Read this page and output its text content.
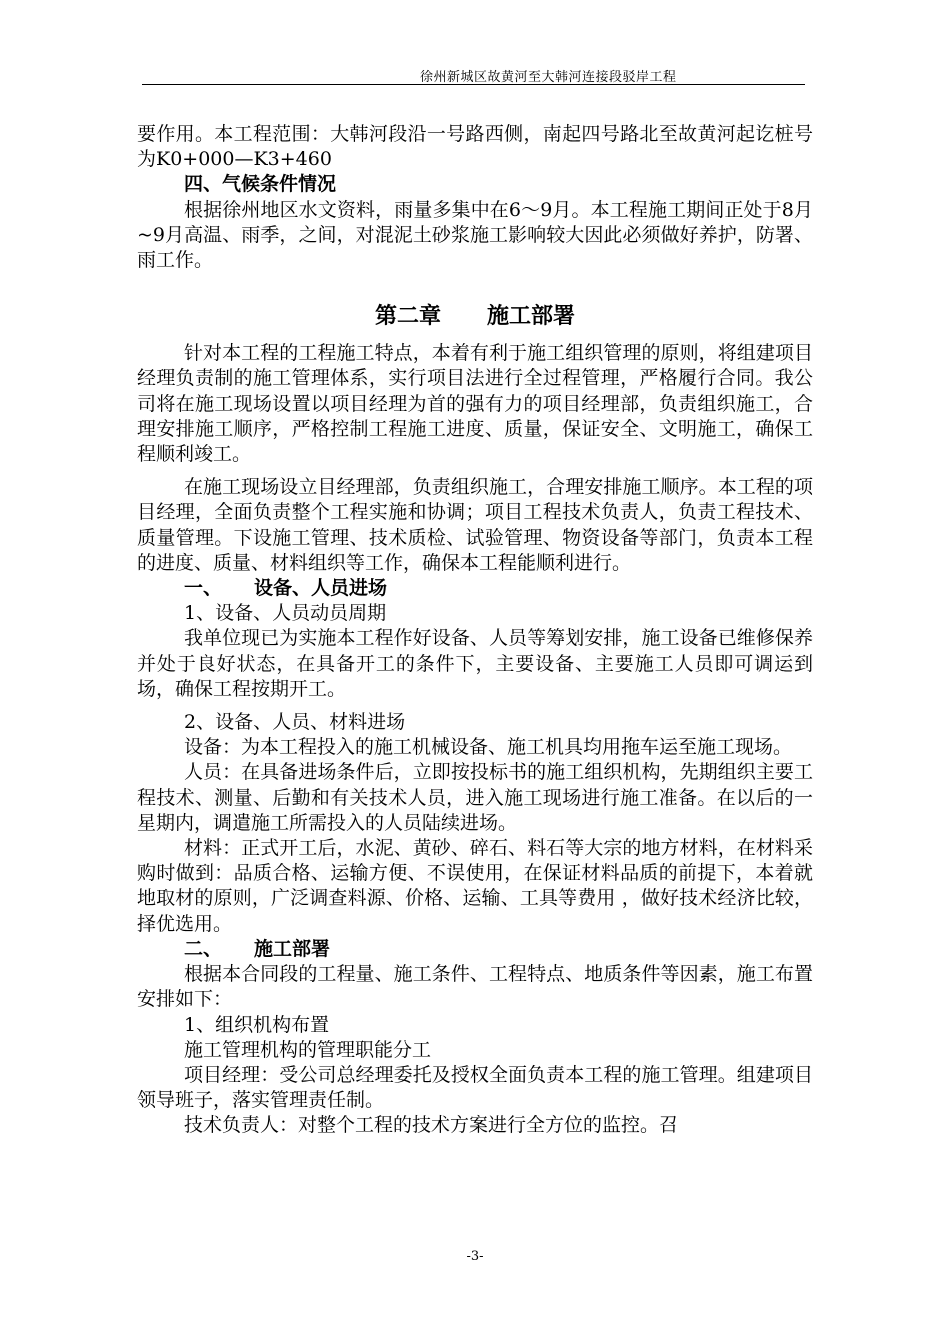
徐州新城区故黄河至大韩河连接段驳岸工程

要作用。本工程范围：大韩河段沿一号路西侧，南起四号路北至故黄河起讫桩号为K0+000—K3+460

四、气候条件情况

根据徐州地区水文资料，雨量多集中在6～9月。本工程施工期间正处于8月~9月高温、雨季，之间，对混泥土砂浆施工影响较大因此必须做好养护，防署、雨工作。

第二章 施工部署

针对本工程的工程施工特点，本着有利于施工组织管理的原则，将组建项目经理负责制的施工管理体系，实行项目法进行全过程管理，严格履行合同。我公司将在施工现场设置以项目经理为首的强有力的项目经理部，负责组织施工，合理安排施工顺序，严格控制工程施工进度、质量，保证安全、文明施工，确保工程顺利竣工。

在施工现场设立目经理部，负责组织施工，合理安排施工顺序。本工程的项目经理，全面负责整个工程实施和协调；项目工程技术负责人，负责工程技术、质量管理。下设施工管理、技术质检、试验管理、物资设备等部门，负责本工程的进度、质量、材料组织等工作，确保本工程能顺利进行。

一、 设备、人员进场

1、设备、人员动员周期

我单位现已为实施本工程作好设备、人员等筹划安排，施工设备已维修保养并处于良好状态，在具备开工的条件下，主要设备、主要施工人员即可调运到场，确保工程按期开工。

2、设备、人员、材料进场

设备：为本工程投入的施工机械设备、施工机具均用拖车运至施工现场。

人员：在具备进场条件后，立即按投标书的施工组织机构，先期组织主要工程技术、测量、后勤和有关技术人员，进入施工现场进行施工准备。在以后的一星期内，调遣施工所需投入的人员陆续进场。

材料：正式开工后，水泥、黄砂、碎石、料石等大宗的地方材料，在材料采购时做到：品质合格、运输方便、不误使用，在保证材料品质的前提下，本着就地取材的原则，广泛调查料源、价格、运输、工具等费用 ，做好技术经济比较，择优选用。

二、 施工部署

根据本合同段的工程量、施工条件、工程特点、地质条件等因素，施工布置安排如下：

1、组织机构布置

施工管理机构的管理职能分工

项目经理：受公司总经理委托及授权全面负责本工程的施工管理。组建项目领导班子，落实管理责任制。

技术负责人：对整个工程的技术方案进行全方位的监控。召

-3-
